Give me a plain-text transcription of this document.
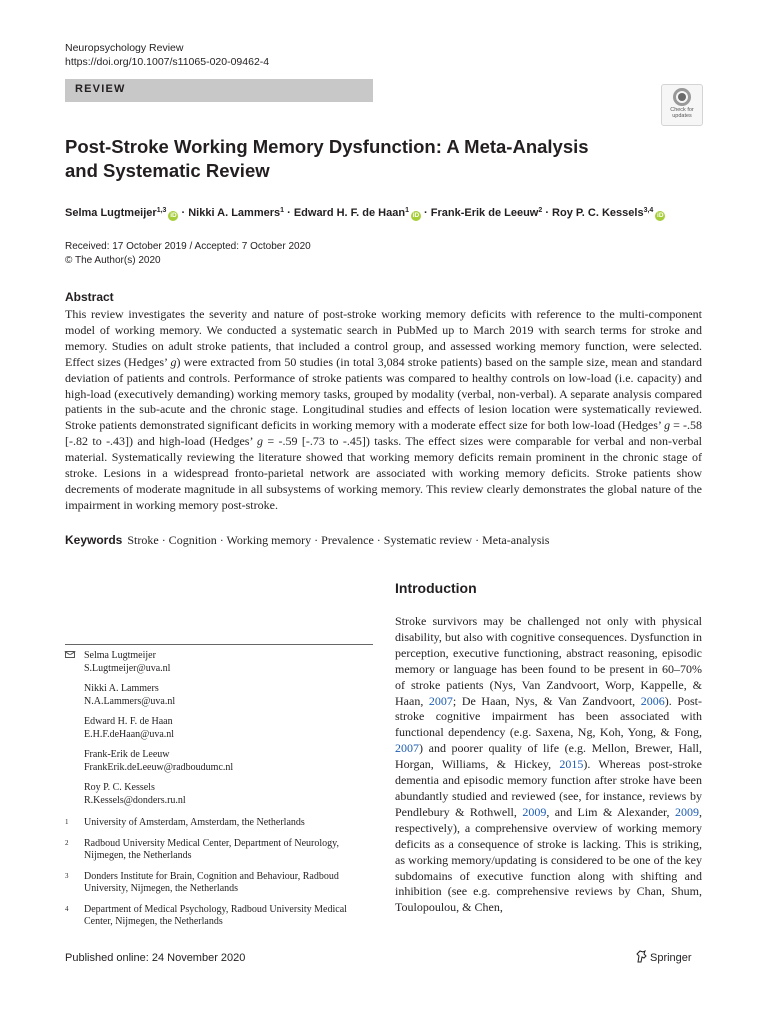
Neuropsychology Review
https://doi.org/10.1007/s11065-020-09462-4
REVIEW
Check for updates
Post-Stroke Working Memory Dysfunction: A Meta-Analysis and Systematic Review
Selma Lugtmeijer$^{1,3}$iD · Nikki A. Lammers$^1$ · Edward H. F. de Haan$^1$iD · Frank-Erik de Leeuw$^2$ · Roy P. C. Kessels$^{3,4}$iD
Received: 17 October 2019 / Accepted: 7 October 2020
© The Author(s) 2020
Abstract
This review investigates the severity and nature of post-stroke working memory deficits with reference to the multi-component model of working memory. We conducted a systematic search in PubMed up to March 2019 with search terms for stroke and memory. Studies on adult stroke patients, that included a control group, and assessed working memory function, were selected. Effect sizes (Hedges’ g) were extracted from 50 studies (in total 3,084 stroke patients) based on the sample size, mean and standard deviation of patients and controls. Performance of stroke patients was compared to healthy controls on low-load (i.e. capacity) and high-load (executively demanding) working memory tasks, grouped by modality (verbal, non-verbal). A separate analysis compared patients in the sub-acute and the chronic stage. Longitudinal studies and effects of lesion location were systematically reviewed. Stroke patients demonstrated significant deficits in working memory with a moderate effect size for both low-load (Hedges’ g = -.58 [-.82 to -.43]) and high-load (Hedges’ g = -.59 [-.73 to -.45]) tasks. The effect sizes were comparable for verbal and non-verbal material. Systematically reviewing the literature showed that working memory deficits remain prominent in the chronic stage of stroke. Lesions in a widespread fronto-parietal network are associated with working memory deficits. Stroke patients show decrements of moderate magnitude in all subsystems of working memory. This review clearly demonstrates the global nature of the impairment in working memory post-stroke.
Keywords Stroke · Cognition · Working memory · Prevalence · Systematic review · Meta-analysis
Introduction
Stroke survivors may be challenged not only with physical disability, but also with cognitive consequences. Dysfunction in perception, executive functioning, abstract reasoning, episodic memory or language has been found to be present in 60–70% of stroke patients (Nys, Van Zandvoort, Worp, Kappelle, & Haan, 2007; De Haan, Nys, & Van Zandvoort, 2006). Post-stroke cognitive impairment has been associated with functional dependency (e.g. Saxena, Ng, Koh, Yong, & Fong, 2007) and poorer quality of life (e.g. Mellon, Brewer, Hall, Horgan, Williams, & Hickey, 2015). Whereas post-stroke dementia and episodic memory function after stroke have been abundantly studied and reviewed (see, for instance, reviews by Pendlebury & Rothwell, 2009, and Lim & Alexander, 2009, respectively), a comprehensive overview of working memory deficits as a consequence of stroke is lacking. This is striking, as working memory/updating is considered to be one of the key subdomains of executive function along with shifting and inhibition (see e.g. comprehensive reviews by Chan, Shum, Toulopoulou, & Chen,
Selma Lugtmeijer
S.Lugtmeijer@uva.nl
Nikki A. Lammers
N.A.Lammers@uva.nl
Edward H. F. de Haan
E.H.F.deHaan@uva.nl
Frank-Erik de Leeuw
FrankErik.deLeeuw@radboudumc.nl
Roy P. C. Kessels
R.Kessels@donders.ru.nl
1 University of Amsterdam, Amsterdam, the Netherlands
2 Radboud University Medical Center, Department of Neurology, Nijmegen, the Netherlands
3 Donders Institute for Brain, Cognition and Behaviour, Radboud University, Nijmegen, the Netherlands
4 Department of Medical Psychology, Radboud University Medical Center, Nijmegen, the Netherlands
Published online: 24 November 2020	Springer
